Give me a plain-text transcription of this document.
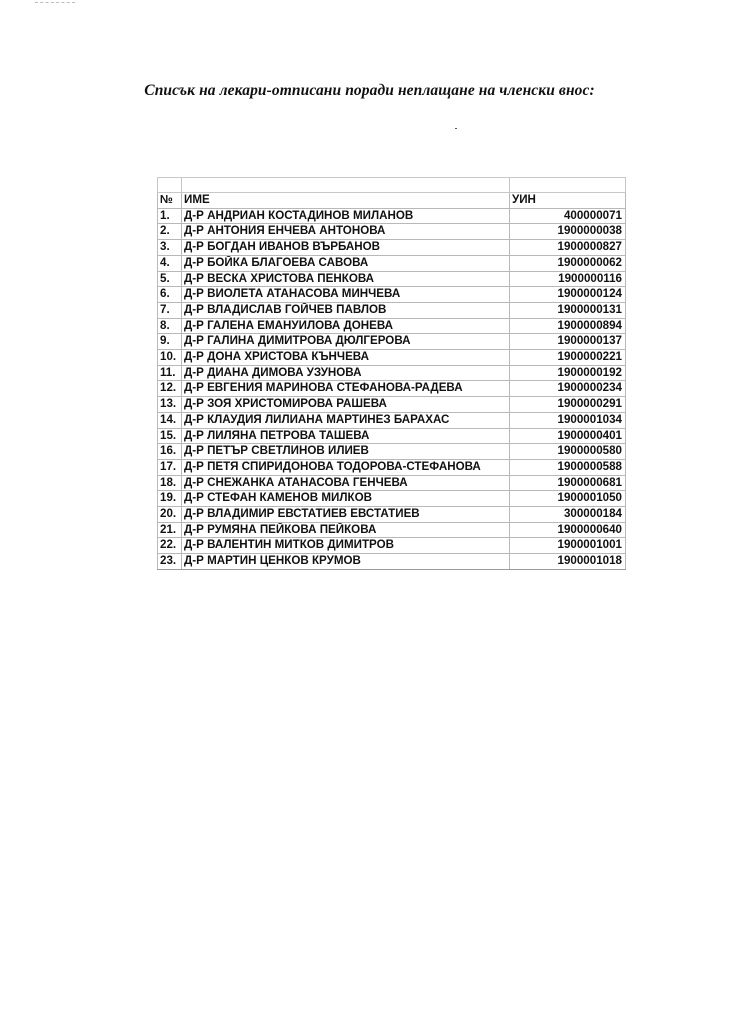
Списък на лекари-отписани поради неплащане на членски внос:

№	ИМЕ	УИН
1.	Д-Р АНДРИАН КОСТАДИНОВ МИЛАНОВ	400000071
2.	Д-Р АНТОНИЯ ЕНЧЕВА АНТОНОВА	1900000038
3.	Д-Р БОГДАН ИВАНОВ ВЪРБАНОВ	1900000827
4.	Д-Р БОЙКА БЛАГОЕВА САВОВА	1900000062
5.	Д-Р ВЕСКА ХРИСТОВА ПЕНКОВА	1900000116
6.	Д-Р ВИОЛЕТА АТАНАСОВА МИНЧЕВА	1900000124
7.	Д-Р ВЛАДИСЛАВ ГОЙЧЕВ ПАВЛОВ	1900000131
8.	Д-Р ГАЛЕНА ЕМАНУИЛОВА ДОНЕВА	1900000894
9.	Д-Р ГАЛИНА ДИМИТРОВА ДЮЛГЕРОВА	1900000137
10.	Д-Р ДОНА ХРИСТОВА КЪНЧЕВА	1900000221
11.	Д-Р ДИАНА ДИМОВА УЗУНОВА	1900000192
12.	Д-Р ЕВГЕНИЯ МАРИНОВА СТЕФАНОВА-РАДЕВА	1900000234
13.	Д-Р ЗОЯ ХРИСТОМИРОВА РАШЕВА	1900000291
14.	Д-Р КЛАУДИЯ ЛИЛИАНА МАРТИНЕЗ БАРАХАС	1900001034
15.	Д-Р ЛИЛЯНА ПЕТРОВА ТАШЕВА	1900000401
16.	Д-Р ПЕТЪР СВЕТЛИНОВ ИЛИЕВ	1900000580
17.	Д-Р ПЕТЯ СПИРИДОНОВА ТОДОРОВА-СТЕФАНОВА	1900000588
18.	Д-Р СНЕЖАНКА АТАНАСОВА ГЕНЧЕВА	1900000681
19.	Д-Р СТЕФАН КАМЕНОВ МИЛКОВ	1900001050
20.	Д-Р ВЛАДИМИР ЕВСТАТИЕВ ЕВСТАТИЕВ	300000184
21.	Д-Р РУМЯНА ПЕЙКОВА ПЕЙКОВА	1900000640
22.	Д-Р ВАЛЕНТИН МИТКОВ ДИМИТРОВ	1900001001
23.	Д-Р МАРТИН ЦЕНКОВ КРУМОВ	1900001018
